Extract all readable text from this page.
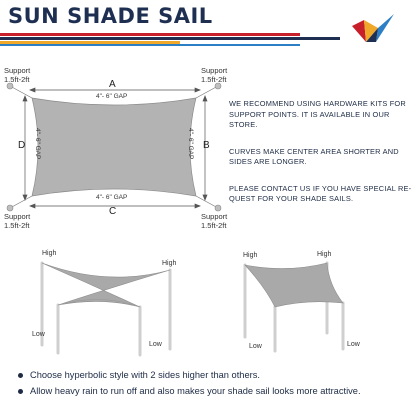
SUN SHADE SAIL
Support
1.5ft-2ft
Support
1.5ft-2ft
Support
1.5ft-2ft
Support
1.5ft-2ft
A
B
C
D
4"- 6" GAP
4"- 6" GAP
4"- 6" GAP	4"- 6" GAP

WE RECOMMEND USING HARDWARE KITS FOR SUPPORT POINTS. IT IS AVAILABLE IN OUR STORE.

CURVES MAKE CENTER AREA SHORTER AND SIDES ARE LONGER.

PLEASE CONTACT US IF YOU HAVE SPECIAL RE-QUEST FOR YOUR SHADE SAILS.

High
High
Low
Low
High	High
Low	Low
Choose hyperbolic style with 2 sides higher than others.
Allow heavy rain to run off and also makes your shade sail looks more attractive.
